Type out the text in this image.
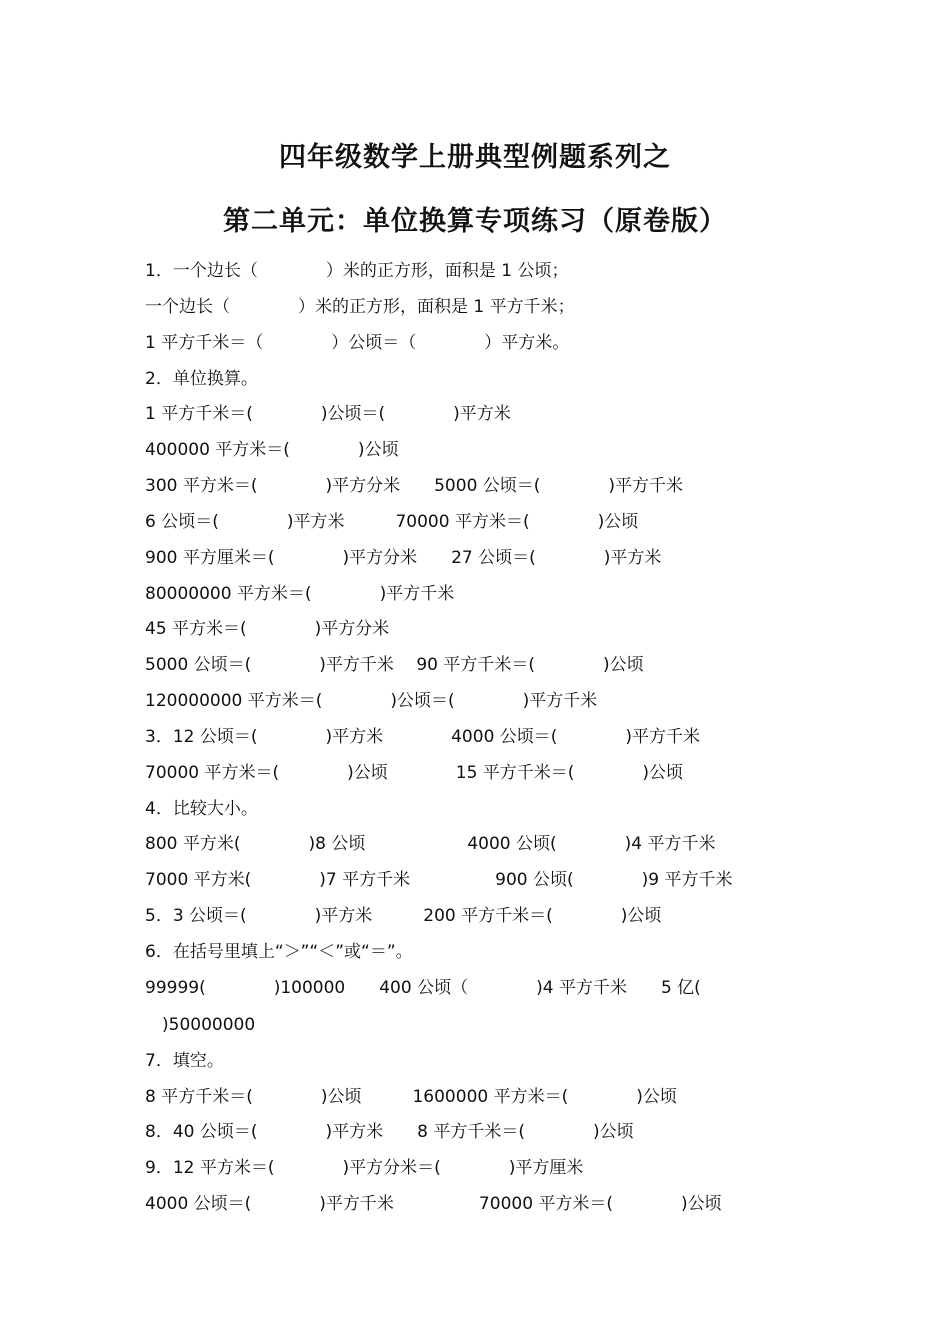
四年级数学上册典型例题系列之
第二单元：单位换算专项练习（原卷版）
1．一个边长（　　　　）米的正方形，面积是 1 公顷；
一个边长（　　　　）米的正方形，面积是 1 平方千米；
1 平方千米＝（　　　　）公顷＝（　　　　）平方米。
2．单位换算。
1 平方千米＝(　　　　)公顷＝(　　　　)平方米
400000 平方米＝(　　　　)公顷
300 平方米＝(　　　　)平方分米　　5000 公顷＝(　　　　)平方千米
6 公顷＝(　　　　)平方米　　　70000 平方米＝(　　　　)公顷
900 平方厘米＝(　　　　)平方分米　　27 公顷＝(　　　　)平方米
80000000 平方米＝(　　　　)平方千米
45 平方米＝(　　　　)平方分米
5000 公顷＝(　　　　)平方千米　 90 平方千米＝(　　　　)公顷
120000000 平方米＝(　　　　)公顷＝(　　　　)平方千米
3．12 公顷＝(　　　　)平方米　　　　4000 公顷＝(　　　　)平方千米
70000 平方米＝(　　　　)公顷　　　　15 平方千米＝(　　　　)公顷
4．比较大小。
800 平方米(　　　　)8 公顷　　　　　　4000 公顷(　　　　)4 平方千米
7000 平方米(　　　　)7 平方千米　　　　　900 公顷(　　　　)9 平方千米
5．3 公顷＝(　　　　)平方米　　　200 平方千米＝(　　　　)公顷
6．在括号里填上“＞”“＜”或“＝”。
99999(　　　　)100000　　400 公顷（　　　　)4 平方千米　　5 亿(
　)50000000
7．填空。
8 平方千米＝(　　　　)公顷　　　1600000 平方米＝(　　　　)公顷
8．40 公顷＝(　　　　)平方米　　8 平方千米＝(　　　　)公顷
9．12 平方米＝(　　　　)平方分米＝(　　　　)平方厘米
4000 公顷＝(　　　　)平方千米　　　　　70000 平方米＝(　　　　)公顷
